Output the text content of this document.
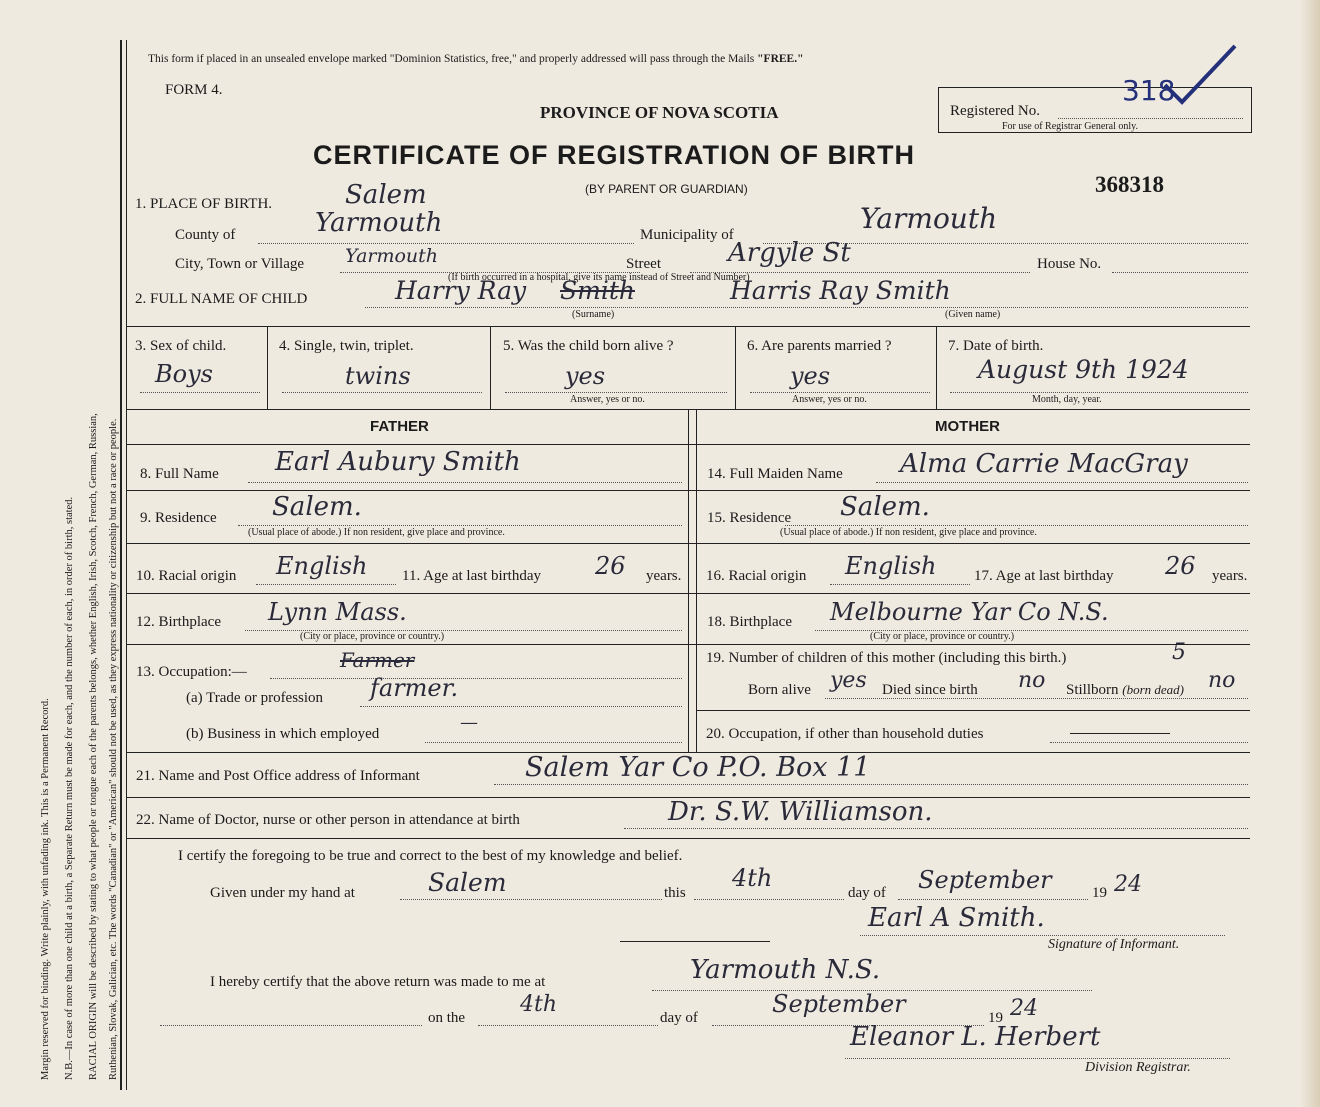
Margin reserved for binding. Write plainly, with unfading ink. This is a Permanent Record. N.B.—In case of more than one child at a birth, a Separate Return must be made for each, and the number of each, in order of birth, stated. RACIAL ORIGIN will be described by stating to what people or tongue each of the parents belongs, whether English, Irish, Scotch, French, German, Russian, Ruthenian, Slovak, Galician, etc. The words "Canadian" or "American" should not be used, as they express nationality or citizenship but not a race or people.
This form if placed in an unsealed envelope marked "Dominion Statistics, free," and properly addressed will pass through the Mails "FREE."
FORM 4.
PROVINCE OF NOVA SCOTIA
CERTIFICATE OF REGISTRATION OF BIRTH
(BY PARENT OR GUARDIAN)	368318
Registered No.
318
For use of Registrar General only.
1. PLACE OF BIRTH.	Salem
County of	Yarmouth	Municipality of	Yarmouth
City, Town or Village Yarmouth	Street	Argyle St	House No.
(If birth occurred in a hospital, give its name instead of Street and Number)
2. FULL NAME OF CHILD	Harry Ray Smith	Harris Ray Smith
(Surname)	(Given name)
3. Sex of child.
Boys
4. Single, twin, triplet.
twins
5. Was the child born alive ?
yes
Answer, yes or no.
6. Are parents married ?
yes
Answer, yes or no.
7. Date of birth.
August 9th 1924
Month, day, year.
FATHER	MOTHER
8. Full Name Earl Aubury Smith	14. Full Maiden Name Alma Carrie MacGray
9. Residence Salem.
(Usual place of abode.) If non resident, give place and province.
15. Residence Salem.
(Usual place of abode.) If non resident, give place and province.
10. Racial origin English 11. Age at last birthday 26 years. 16. Racial origin English	17. Age at last birthday 26 years.
12. Birthplace Lynn Mass.
(City or place, province or country.)
18. Birthplace Melbourne Yar Co N.S.
(City or place, province or country.)
13. Occupation:—	Farmer
(a) Trade or profession farmer.
(b) Business in which employed
—
19. Number of children of this mother (including this birth.)	5
Born alive yes Died since birth no Stillborn (born dead) no
20. Occupation, if other than household duties
21. Name and Post Office address of Informant	Salem Yar Co P.O. Box 11
22. Name of Doctor, nurse or other person in attendance at birth	Dr. S.W. Williamson.
I certify the foregoing to be true and correct to the best of my knowledge and belief.
Given under my hand at	Salem	this
4th
day of September	19 24
Earl A Smith.
Signature of Informant.
I hereby certify that the above return was made to me at	Yarmouth N.S.
on the
4th
day of	September	19 24
Eleanor L. Herbert
Division Registrar.
